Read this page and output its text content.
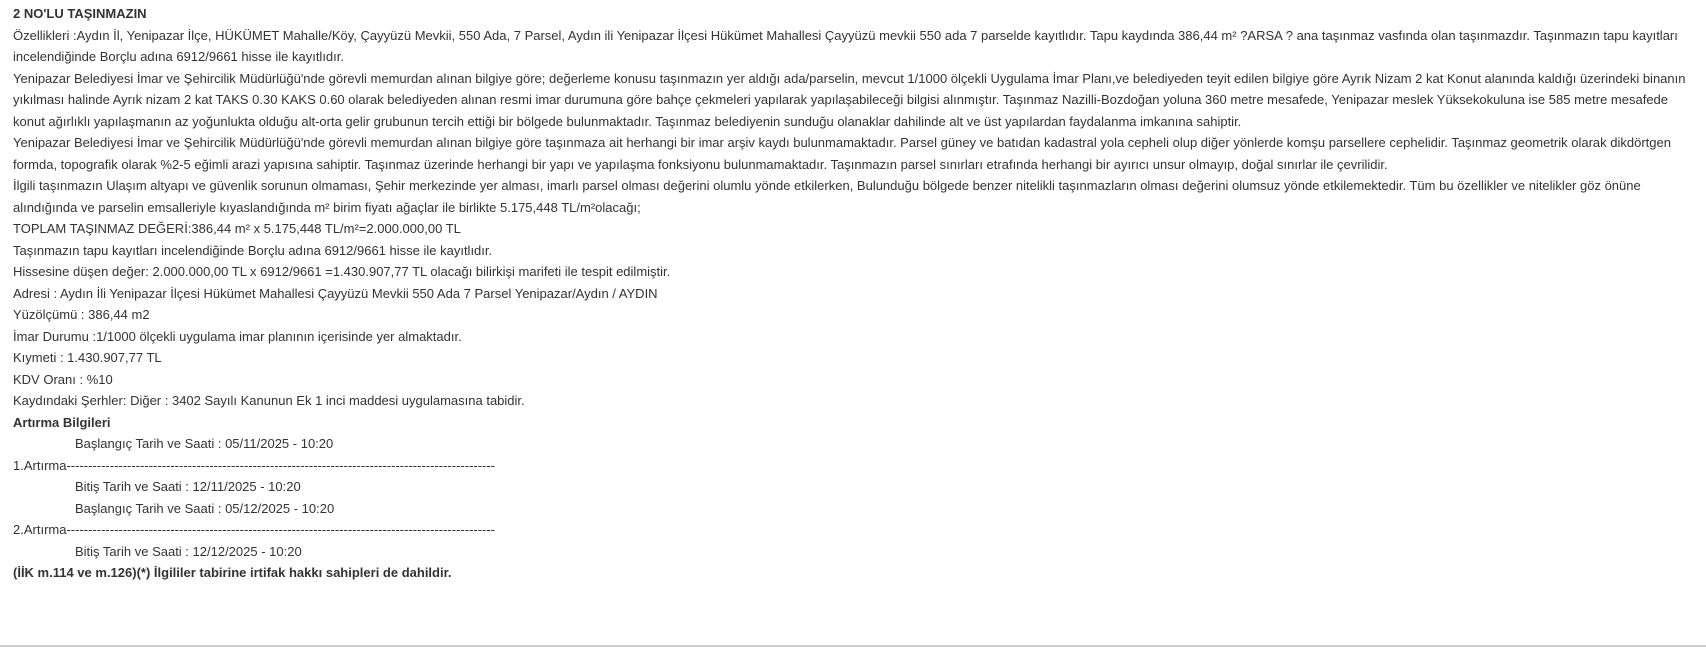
2 NO'LU TAŞINMAZIN
Özellikleri :Aydın İl, Yenipazar İlçe, HÜKÜMET Mahalle/Köy, Çayyüzü Mevkii, 550 Ada, 7 Parsel, Aydın ili Yenipazar İlçesi Hükümet Mahallesi Çayyüzü mevkii 550 ada 7 parselde kayıtlıdır. Tapu kaydında 386,44 m² ?ARSA ? ana taşınmaz vasfında olan taşınmazdır. Taşınmazın tapu kayıtları incelendiğinde Borçlu adına 6912/9661 hisse ile kayıtlıdır.
Yenipazar Belediyesi İmar ve Şehircilik Müdürlüğü'nde görevli memurdan alınan bilgiye göre; değerleme konusu taşınmazın yer aldığı ada/parselin, mevcut 1/1000 ölçekli Uygulama İmar Planı,ve belediyeden teyit edilen bilgiye göre Ayrık Nizam 2 kat Konut alanında kaldığı üzerindeki binanın yıkılması halinde Ayrık nizam 2 kat TAKS 0.30 KAKS 0.60 olarak belediyeden alınan resmi imar durumuna göre bahçe çekmeleri yapılarak yapılaşabileceği bilgisi alınmıştır. Taşınmaz Nazilli-Bozdoğan yoluna 360 metre mesafede, Yenipazar meslek Yüksekokuluna ise 585 metre mesafede konut ağırlıklı yapılaşmanın az yoğunlukta olduğu alt-orta gelir grubunun tercih ettiği bir bölgede bulunmaktadır. Taşınmaz belediyenin sunduğu olanaklar dahilinde alt ve üst yapılardan faydalanma imkanına sahiptir.
Yenipazar Belediyesi İmar ve Şehircilik Müdürlüğü'nde görevli memurdan alınan bilgiye göre taşınmaza ait herhangi bir imar arşiv kaydı bulunmamaktadır. Parsel güney ve batıdan kadastral yola cepheli olup diğer yönlerde komşu parsellere cephelidir. Taşınmaz geometrik olarak dikdörtgen formda, topografik olarak %2-5 eğimli arazi yapısına sahiptir. Taşınmaz üzerinde herhangi bir yapı ve yapılaşma fonksiyonu bulunmamaktadır. Taşınmazın parsel sınırları etrafında herhangi bir ayırıcı unsur olmayıp, doğal sınırlar ile çevrilidir.
İlgili taşınmazın Ulaşım altyapı ve güvenlik sorunun olmaması, Şehir merkezinde yer alması, imarlı parsel olması değerini olumlu yönde etkilerken, Bulunduğu bölgede benzer nitelikli taşınmazların olması değerini olumsuz yönde etkilemektedir. Tüm bu özellikler ve nitelikler göz önüne alındığında ve parselin emsalleriyle kıyaslandığında m² birim fiyatı ağaçlar ile birlikte 5.175,448 TL/m²olacağı;
TOPLAM TAŞINMAZ DEĞERİ:386,44 m² x 5.175,448 TL/m²=2.000.000,00 TL
Taşınmazın tapu kayıtları incelendiğinde Borçlu adına 6912/9661 hisse ile kayıtlıdır.
Hissesine düşen değer: 2.000.000,00 TL x 6912/9661 =1.430.907,77 TL olacağı bilirkişi marifeti ile tespit edilmiştir.
Adresi : Aydın İli Yenipazar İlçesi Hükümet Mahallesi Çayyüzü Mevkii 550 Ada 7 Parsel Yenipazar/Aydın / AYDIN
Yüzölçümü : 386,44 m2
İmar Durumu :1/1000 ölçekli uygulama imar planının içerisinde yer almaktadır.
Kıymeti : 1.430.907,77 TL
KDV Oranı : %10
Kaydındaki Şerhler: Diğer : 3402 Sayılı Kanunun Ek 1 inci maddesi uygulamasına tabidir.
Artırma Bilgileri
Başlangıç Tarih ve Saati : 05/11/2025 - 10:20
1.Artırma---------------------------------------------------------------------------------------------------
Bitiş Tarih ve Saati : 12/11/2025 - 10:20
Başlangıç Tarih ve Saati : 05/12/2025 - 10:20
2.Artırma---------------------------------------------------------------------------------------------------
Bitiş Tarih ve Saati : 12/12/2025 - 10:20
(İİK m.114 ve m.126)(*) İlgililer tabirine irtifak hakkı sahipleri de dahildir.
